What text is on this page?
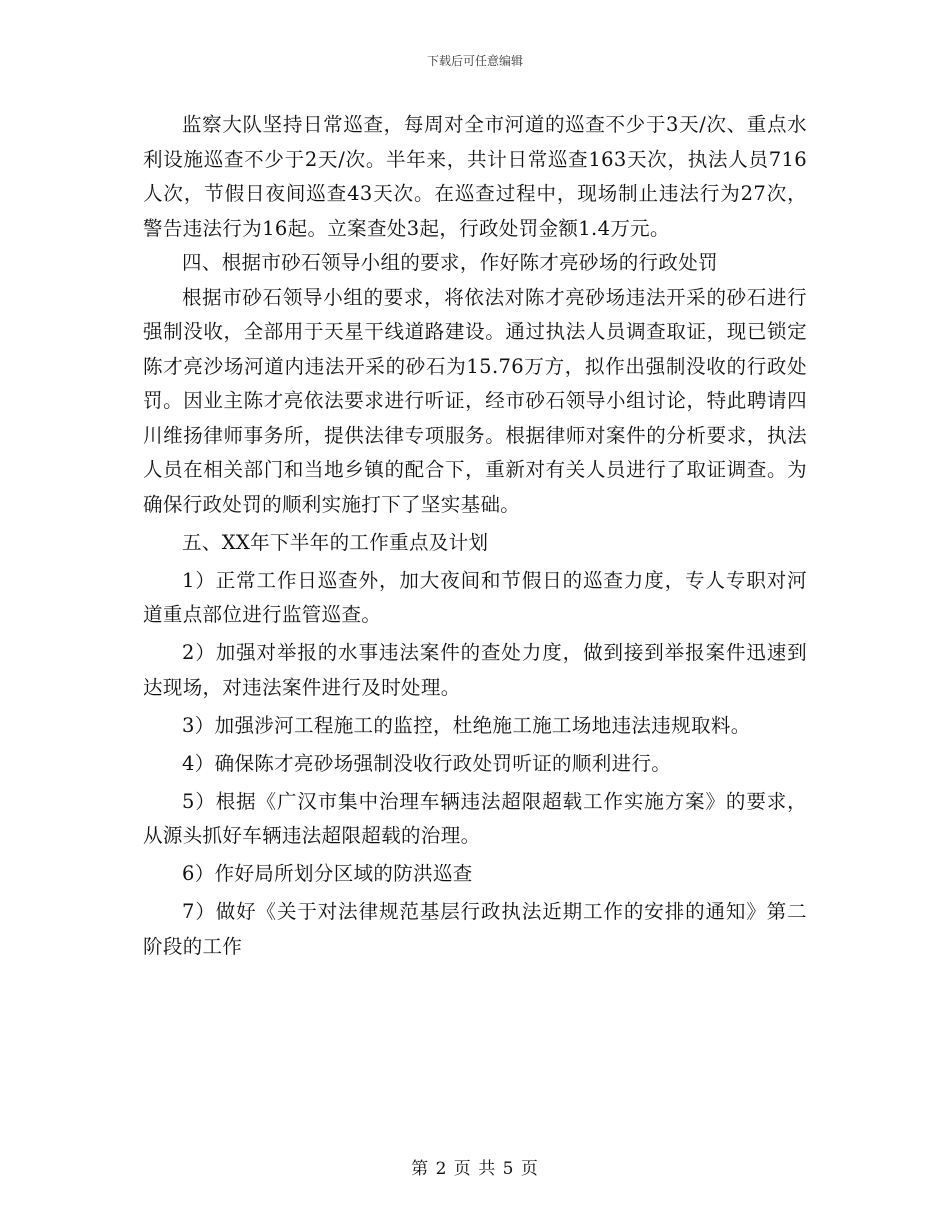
下载后可任意编辑

监察大队坚持日常巡查，每周对全市河道的巡查不少于3天/次、重点水利设施巡查不少于2天/次。半年来，共计日常巡查163天次，执法人员716人次，节假日夜间巡查43天次。在巡查过程中，现场制止违法行为27次，警告违法行为16起。立案查处3起，行政处罚金额1.4万元。

四、根据市砂石领导小组的要求，作好陈才亮砂场的行政处罚

根据市砂石领导小组的要求，将依法对陈才亮砂场违法开采的砂石进行强制没收，全部用于天星干线道路建设。通过执法人员调查取证，现已锁定陈才亮沙场河道内违法开采的砂石为15.76万方，拟作出强制没收的行政处罚。因业主陈才亮依法要求进行听证，经市砂石领导小组讨论，特此聘请四川维扬律师事务所，提供法律专项服务。根据律师对案件的分析要求，执法人员在相关部门和当地乡镇的配合下，重新对有关人员进行了取证调查。为确保行政处罚的顺利实施打下了坚实基础。

五、XX年下半年的工作重点及计划

1）正常工作日巡查外，加大夜间和节假日的巡查力度，专人专职对河道重点部位进行监管巡查。

2）加强对举报的水事违法案件的查处力度，做到接到举报案件迅速到达现场，对违法案件进行及时处理。

3）加强涉河工程施工的监控，杜绝施工施工场地违法违规取料。

4）确保陈才亮砂场强制没收行政处罚听证的顺利进行。

5）根据《广汉市集中治理车辆违法超限超载工作实施方案》的要求，从源头抓好车辆违法超限超载的治理。

6）作好局所划分区域的防洪巡查

7）做好《关于对法律规范基层行政执法近期工作的安排的通知》第二阶段的工作

第 2 页 共 5 页
